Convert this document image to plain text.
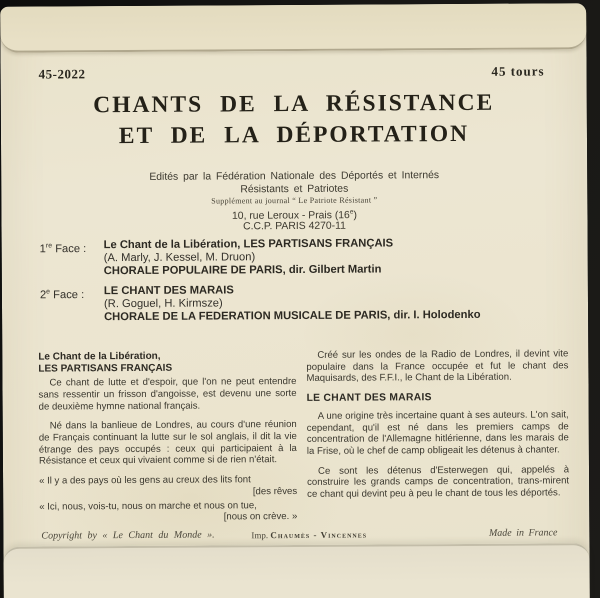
45-2022	45 tours
CHANTS DE LA RÉSISTANCE
ET DE LA DÉPORTATION
Edités par la Fédération Nationale des Déportés et Internés
Résistants et Patriotes
Supplément au journal “ Le Patriote Résistant ”
10, rue Leroux - Prais (16e)
C.C.P. PARIS 4270-11
1re Face : Le Chant de la Libération, LES PARTISANS FRANÇAIS
(A. Marly, J. Kessel, M. Druon)
CHORALE POPULAIRE DE PARIS, dir. Gilbert Martin
2e Face : LE CHANT DES MARAIS
(R. Goguel, H. Kirmsze)
CHORALE DE LA FEDERATION MUSICALE DE PARIS, dir. I. Holodenko
Le Chant de la Libération,
LES PARTISANS FRANÇAIS

Ce chant de lutte et d'espoir, que l'on ne peut entendre sans ressentir un frisson d'angoisse, est devenu une sorte de deuxième hymne national français.

Né dans la banlieue de Londres, au cours d'une réunion de Français continuant la lutte sur le sol anglais, il dit la vie étrange des pays occupés : ceux qui participaient à la Résistance et ceux qui vivaient comme si de rien n'était.

« Il y a des pays où les gens au creux des lits font
[des rêves
« Ici, nous, vois-tu, nous on marche et nous on tue,
[nous on crève. »

Créé sur les ondes de la Radio de Londres, il devint vite populaire dans la France occupée et fut le chant des Maquisards, des F.F.I., le Chant de la Libération.

LE CHANT DES MARAIS

A une origine très incertaine quant à ses auteurs. L'on sait, cependant, qu'il est né dans les premiers camps de concentration de l'Allemagne hitlérienne, dans les marais de la Frise, où le chef de camp obligeait les détenus à chanter.

Ce sont les détenus d'Esterwegen qui, appelés à construire les grands camps de concentration, trans-mirent ce chant qui devint peu à peu le chant de tous les déportés.

Copyright by « Le Chant du Monde ».	Imp. Chaumès - Vincennes	Made in France
